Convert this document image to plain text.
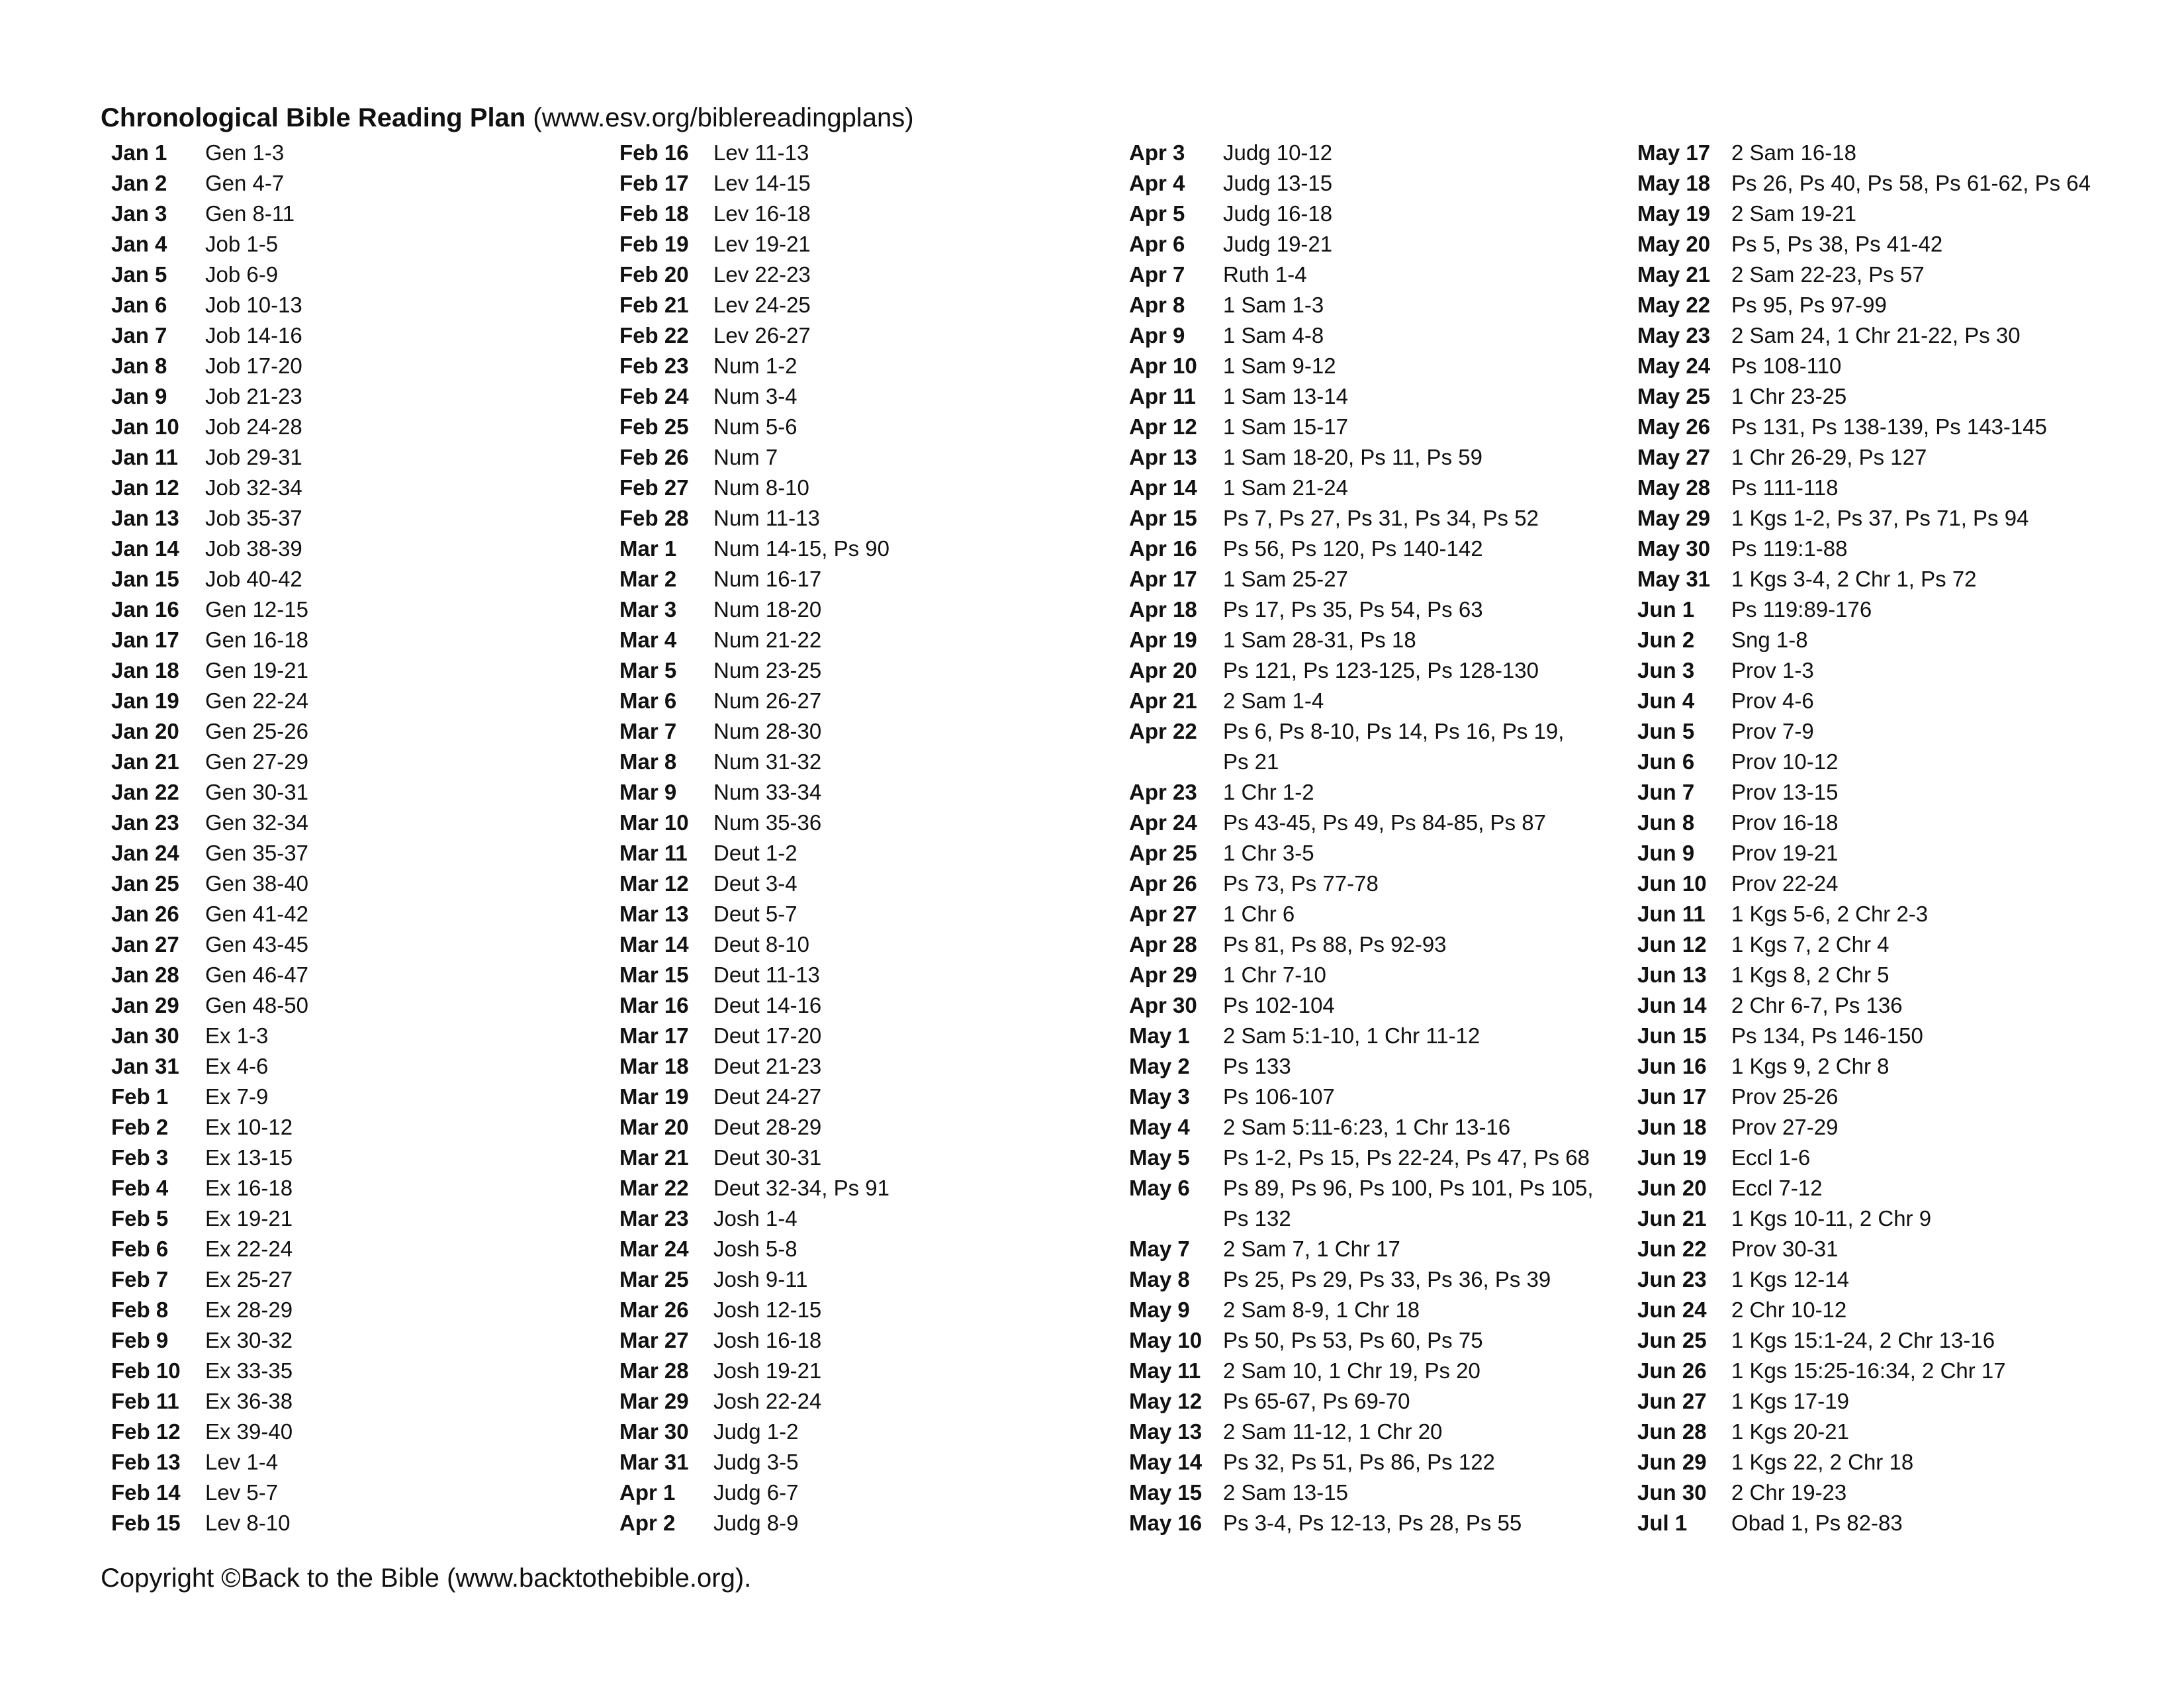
Chronological Bible Reading Plan (www.esv.org/biblereadingplans)
Jan 1	Gen 1-3
Jan 2	Gen 4-7
Jan 3	Gen 8-11
Jan 4	Job 1-5
Jan 5	Job 6-9
Jan 6	Job 10-13
Jan 7	Job 14-16
Jan 8	Job 17-20
Jan 9	Job 21-23
Jan 10	Job 24-28
Jan 11	Job 29-31
Jan 12	Job 32-34
Jan 13	Job 35-37
Jan 14	Job 38-39
Jan 15	Job 40-42
Jan 16	Gen 12-15
Jan 17	Gen 16-18
Jan 18	Gen 19-21
Jan 19	Gen 22-24
Jan 20	Gen 25-26
Jan 21	Gen 27-29
Jan 22	Gen 30-31
Jan 23	Gen 32-34
Jan 24	Gen 35-37
Jan 25	Gen 38-40
Jan 26	Gen 41-42
Jan 27	Gen 43-45
Jan 28	Gen 46-47
Jan 29	Gen 48-50
Jan 30	Ex 1-3
Jan 31	Ex 4-6
Feb 1	Ex 7-9
Feb 2	Ex 10-12
Feb 3	Ex 13-15
Feb 4	Ex 16-18
Feb 5	Ex 19-21
Feb 6	Ex 22-24
Feb 7	Ex 25-27
Feb 8	Ex 28-29
Feb 9	Ex 30-32
Feb 10	Ex 33-35
Feb 11	Ex 36-38
Feb 12	Ex 39-40
Feb 13	Lev 1-4
Feb 14	Lev 5-7
Feb 15	Lev 8-10
Feb 16	Lev 11-13
Feb 17	Lev 14-15
Feb 18	Lev 16-18
Feb 19	Lev 19-21
Feb 20	Lev 22-23
Feb 21	Lev 24-25
Feb 22	Lev 26-27
Feb 23	Num 1-2
Feb 24	Num 3-4
Feb 25	Num 5-6
Feb 26	Num 7
Feb 27	Num 8-10
Feb 28	Num 11-13
Mar 1	Num 14-15, Ps 90
Mar 2	Num 16-17
Mar 3	Num 18-20
Mar 4	Num 21-22
Mar 5	Num 23-25
Mar 6	Num 26-27
Mar 7	Num 28-30
Mar 8	Num 31-32
Mar 9	Num 33-34
Mar 10	Num 35-36
Mar 11	Deut 1-2
Mar 12	Deut 3-4
Mar 13	Deut 5-7
Mar 14	Deut 8-10
Mar 15	Deut 11-13
Mar 16	Deut 14-16
Mar 17	Deut 17-20
Mar 18	Deut 21-23
Mar 19	Deut 24-27
Mar 20	Deut 28-29
Mar 21	Deut 30-31
Mar 22	Deut 32-34, Ps 91
Mar 23	Josh 1-4
Mar 24	Josh 5-8
Mar 25	Josh 9-11
Mar 26	Josh 12-15
Mar 27	Josh 16-18
Mar 28	Josh 19-21
Mar 29	Josh 22-24
Mar 30	Judg 1-2
Mar 31	Judg 3-5
Apr 1	Judg 6-7
Apr 2	Judg 8-9
Apr 3	Judg 10-12
Apr 4	Judg 13-15
Apr 5	Judg 16-18
Apr 6	Judg 19-21
Apr 7	Ruth 1-4
Apr 8	1 Sam 1-3
Apr 9	1 Sam 4-8
Apr 10	1 Sam 9-12
Apr 11	1 Sam 13-14
Apr 12	1 Sam 15-17
Apr 13	1 Sam 18-20, Ps 11, Ps 59
Apr 14	1 Sam 21-24
Apr 15	Ps 7, Ps 27, Ps 31, Ps 34, Ps 52
Apr 16	Ps 56, Ps 120, Ps 140-142
Apr 17	1 Sam 25-27
Apr 18	Ps 17, Ps 35, Ps 54, Ps 63
Apr 19	1 Sam 28-31, Ps 18
Apr 20	Ps 121, Ps 123-125, Ps 128-130
Apr 21	2 Sam 1-4
Apr 22	Ps 6, Ps 8-10, Ps 14, Ps 16, Ps 19, Ps 21
Apr 23	1 Chr 1-2
Apr 24	Ps 43-45, Ps 49, Ps 84-85, Ps 87
Apr 25	1 Chr 3-5
Apr 26	Ps 73, Ps 77-78
Apr 27	1 Chr 6
Apr 28	Ps 81, Ps 88, Ps 92-93
Apr 29	1 Chr 7-10
Apr 30	Ps 102-104
May 1	2 Sam 5:1-10, 1 Chr 11-12
May 2	Ps 133
May 3	Ps 106-107
May 4	2 Sam 5:11-6:23, 1 Chr 13-16
May 5	Ps 1-2, Ps 15, Ps 22-24, Ps 47, Ps 68
May 6	Ps 89, Ps 96, Ps 100, Ps 101, Ps 105, Ps 132
May 7	2 Sam 7, 1 Chr 17
May 8	Ps 25, Ps 29, Ps 33, Ps 36, Ps 39
May 9	2 Sam 8-9, 1 Chr 18
May 10 Ps 50, Ps 53, Ps 60, Ps 75
May 11	2 Sam 10, 1 Chr 19, Ps 20
May 12 Ps 65-67, Ps 69-70
May 13 2 Sam 11-12, 1 Chr 20
May 14 Ps 32, Ps 51, Ps 86, Ps 122
May 15 2 Sam 13-15
May 16 Ps 3-4, Ps 12-13, Ps 28, Ps 55
May 17 2 Sam 16-18
May 18 Ps 26, Ps 40, Ps 58, Ps 61-62, Ps 64
May 19 2 Sam 19-21
May 20 Ps 5, Ps 38, Ps 41-42
May 21 2 Sam 22-23, Ps 57
May 22 Ps 95, Ps 97-99
May 23 2 Sam 24, 1 Chr 21-22, Ps 30
May 24 Ps 108-110
May 25 1 Chr 23-25
May 26 Ps 131, Ps 138-139, Ps 143-145
May 27 1 Chr 26-29, Ps 127
May 28 Ps 111-118
May 29 1 Kgs 1-2, Ps 37, Ps 71, Ps 94
May 30 Ps 119:1-88
May 31 1 Kgs 3-4, 2 Chr 1, Ps 72
Jun 1	Ps 119:89-176
Jun 2	Sng 1-8
Jun 3	Prov 1-3
Jun 4	Prov 4-6
Jun 5	Prov 7-9
Jun 6	Prov 10-12
Jun 7	Prov 13-15
Jun 8	Prov 16-18
Jun 9	Prov 19-21
Jun 10	Prov 22-24
Jun 11	1 Kgs 5-6, 2 Chr 2-3
Jun 12	1 Kgs 7, 2 Chr 4
Jun 13	1 Kgs 8, 2 Chr 5
Jun 14	2 Chr 6-7, Ps 136
Jun 15	Ps 134, Ps 146-150
Jun 16	1 Kgs 9, 2 Chr 8
Jun 17	Prov 25-26
Jun 18	Prov 27-29
Jun 19	Eccl 1-6
Jun 20	Eccl 7-12
Jun 21	1 Kgs 10-11, 2 Chr 9
Jun 22	Prov 30-31
Jun 23	1 Kgs 12-14
Jun 24	2 Chr 10-12
Jun 25	1 Kgs 15:1-24, 2 Chr 13-16
Jun 26	1 Kgs 15:25-16:34, 2 Chr 17
Jun 27	1 Kgs 17-19
Jun 28	1 Kgs 20-21
Jun 29	1 Kgs 22, 2 Chr 18
Jun 30	2 Chr 19-23
Jul 1	Obad 1, Ps 82-83
Copyright ©Back to the Bible (www.backtothebible.org).
